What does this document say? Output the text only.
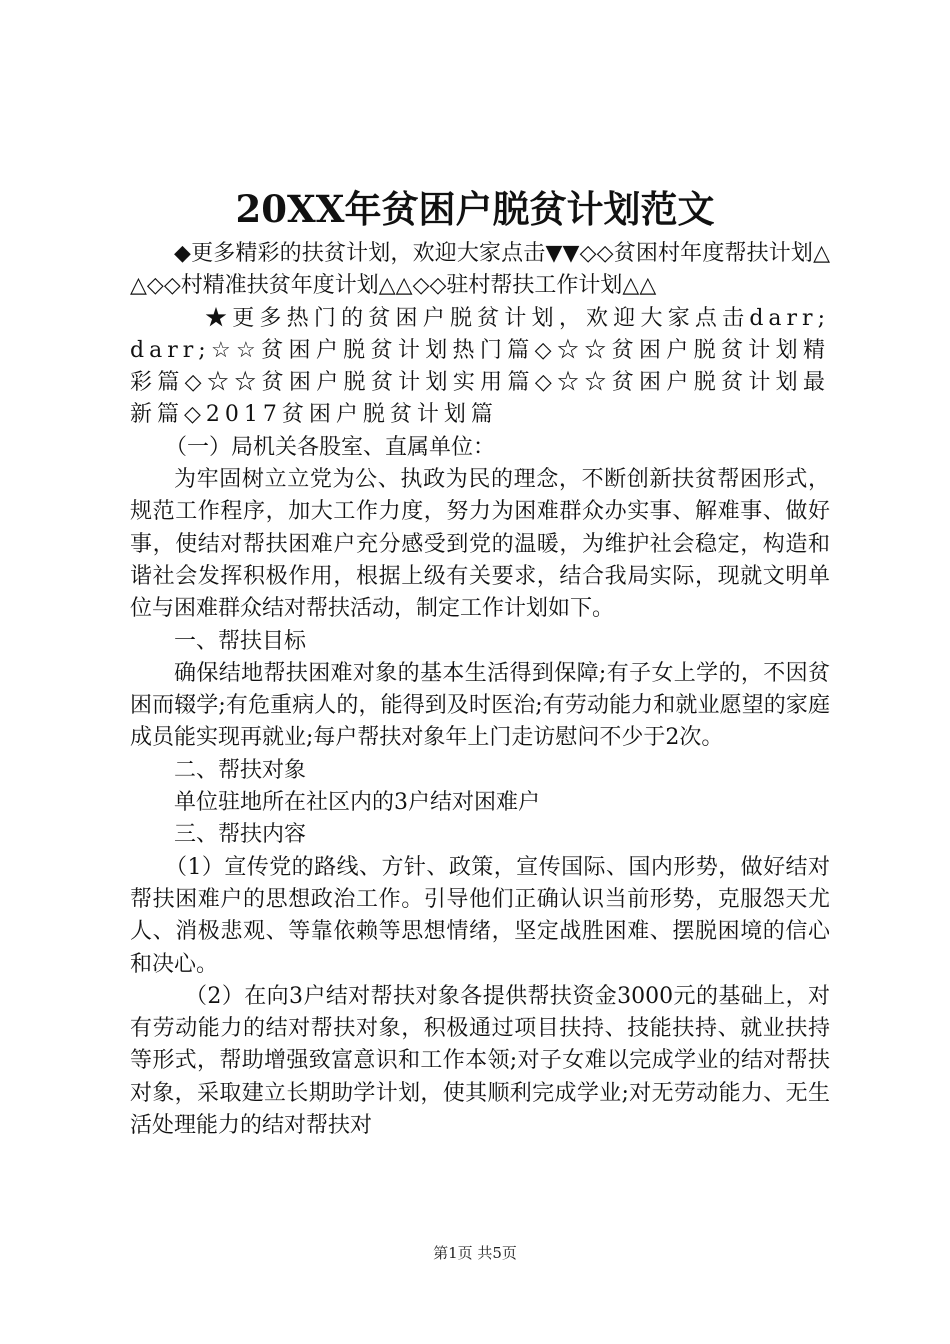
20XX年贫困户脱贫计划范文

◆更多精彩的扶贫计划，欢迎大家点击▼▼◇◇贫困村年度帮扶计划△△◇◇村精准扶贫年度计划△△◇◇驻村帮扶工作计划△△

★更多热门的贫困户脱贫计划，欢迎大家点击darr;darr;☆☆贫困户脱贫计划热门篇◇☆☆贫困户脱贫计划精彩篇◇☆☆贫困户脱贫计划实用篇◇☆☆贫困户脱贫计划最新篇◇2017贫困户脱贫计划篇

（一）局机关各股室、直属单位：

为牢固树立立党为公、执政为民的理念，不断创新扶贫帮困形式，规范工作程序，加大工作力度，努力为困难群众办实事、解难事、做好事，使结对帮扶困难户充分感受到党的温暖，为维护社会稳定，构造和谐社会发挥积极作用，根据上级有关要求，结合我局实际，现就文明单位与困难群众结对帮扶活动，制定工作计划如下。

一、帮扶目标

确保结地帮扶困难对象的基本生活得到保障;有子女上学的，不因贫困而辍学;有危重病人的，能得到及时医治;有劳动能力和就业愿望的家庭成员能实现再就业;每户帮扶对象年上门走访慰问不少于2次。

二、帮扶对象

单位驻地所在社区内的3户结对困难户

三、帮扶内容

（1）宣传党的路线、方针、政策，宣传国际、国内形势，做好结对帮扶困难户的思想政治工作。引导他们正确认识当前形势，克服怨天尤人、消极悲观、等靠依赖等思想情绪，坚定战胜困难、摆脱困境的信心和决心。

（2）在向3户结对帮扶对象各提供帮扶资金3000元的基础上，对有劳动能力的结对帮扶对象，积极通过项目扶持、技能扶持、就业扶持等形式，帮助增强致富意识和工作本领;对子女难以完成学业的结对帮扶对象，采取建立长期助学计划，使其顺利完成学业;对无劳动能力、无生活处理能力的结对帮扶对

第1页 共5页
